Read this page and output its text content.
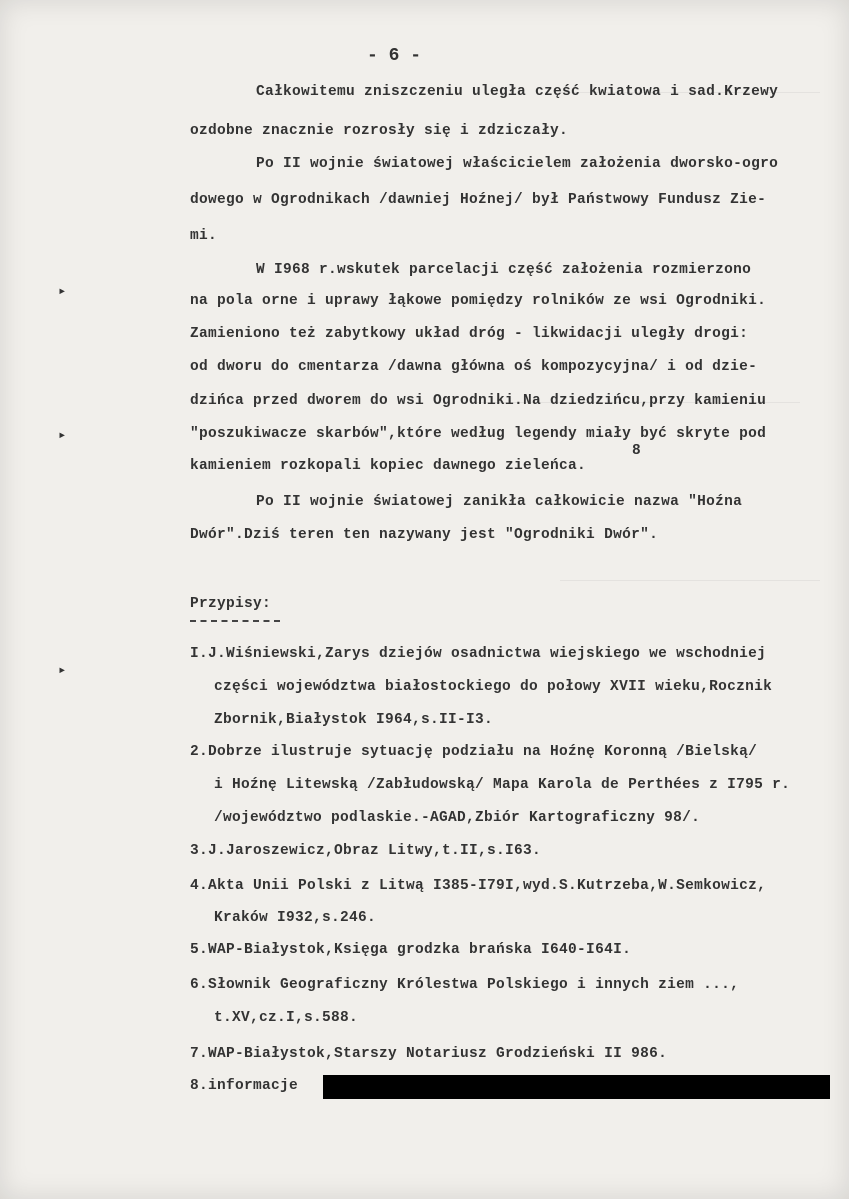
- 6 -
Całkowitemu zniszczeniu uległa część kwiatowa i sad.Krzewy
ozdobne znacznie rozrosły się i zdziczały.
Po II wojnie światowej właścicielem założenia dworsko-ogro
dowego w Ogrodnikach /dawniej Hoźnej/ był Państwowy Fundusz Zie-
mi.
W I968 r.wskutek parcelacji część założenia rozmierzono
na pola orne i uprawy łąkowe pomiędzy rolników ze wsi Ogrodniki.
Zamieniono też zabytkowy układ dróg - likwidacji uległy drogi:
od dworu do cmentarza /dawna główna oś kompozycyjna/ i od dzie-
dzińca przed dworem do wsi Ogrodniki.Na dziedzińcu,przy kamieniu
"poszukiwacze skarbów",które według legendy miały być skryte pod
8
kamieniem rozkopali kopiec dawnego zieleńca.
Po II wojnie światowej zanikła całkowicie nazwa "Hoźna
Dwór".Dziś teren ten nazywany jest "Ogrodniki Dwór".
Przypisy:
I.J.Wiśniewski,Zarys dziejów osadnictwa wiejskiego we wschodniej
części województwa białostockiego do połowy XVII wieku,Rocznik
Zbornik,Białystok I964,s.II-I3.
2.Dobrze ilustruje sytuację podziału na Hoźnę Koronną /Bielską/
i Hoźnę Litewską /Zabłudowską/ Mapa Karola de Perthées z I795 r.
/województwo podlaskie.-AGAD,Zbiór Kartograficzny 98/.
3.J.Jaroszewicz,Obraz Litwy,t.II,s.I63.
4.Akta Unii Polski z Litwą I385-I79I,wyd.S.Kutrzeba,W.Semkowicz,
Kraków I932,s.246.
5.WAP-Białystok,Księga grodzka brańska I640-I64I.
6.Słownik Geograficzny Królestwa Polskiego i innych ziem ...,
t.XV,cz.I,s.588.
7.WAP-Białystok,Starszy Notariusz Grodzieński II 986.
8.informacje
▸
▸
▸
